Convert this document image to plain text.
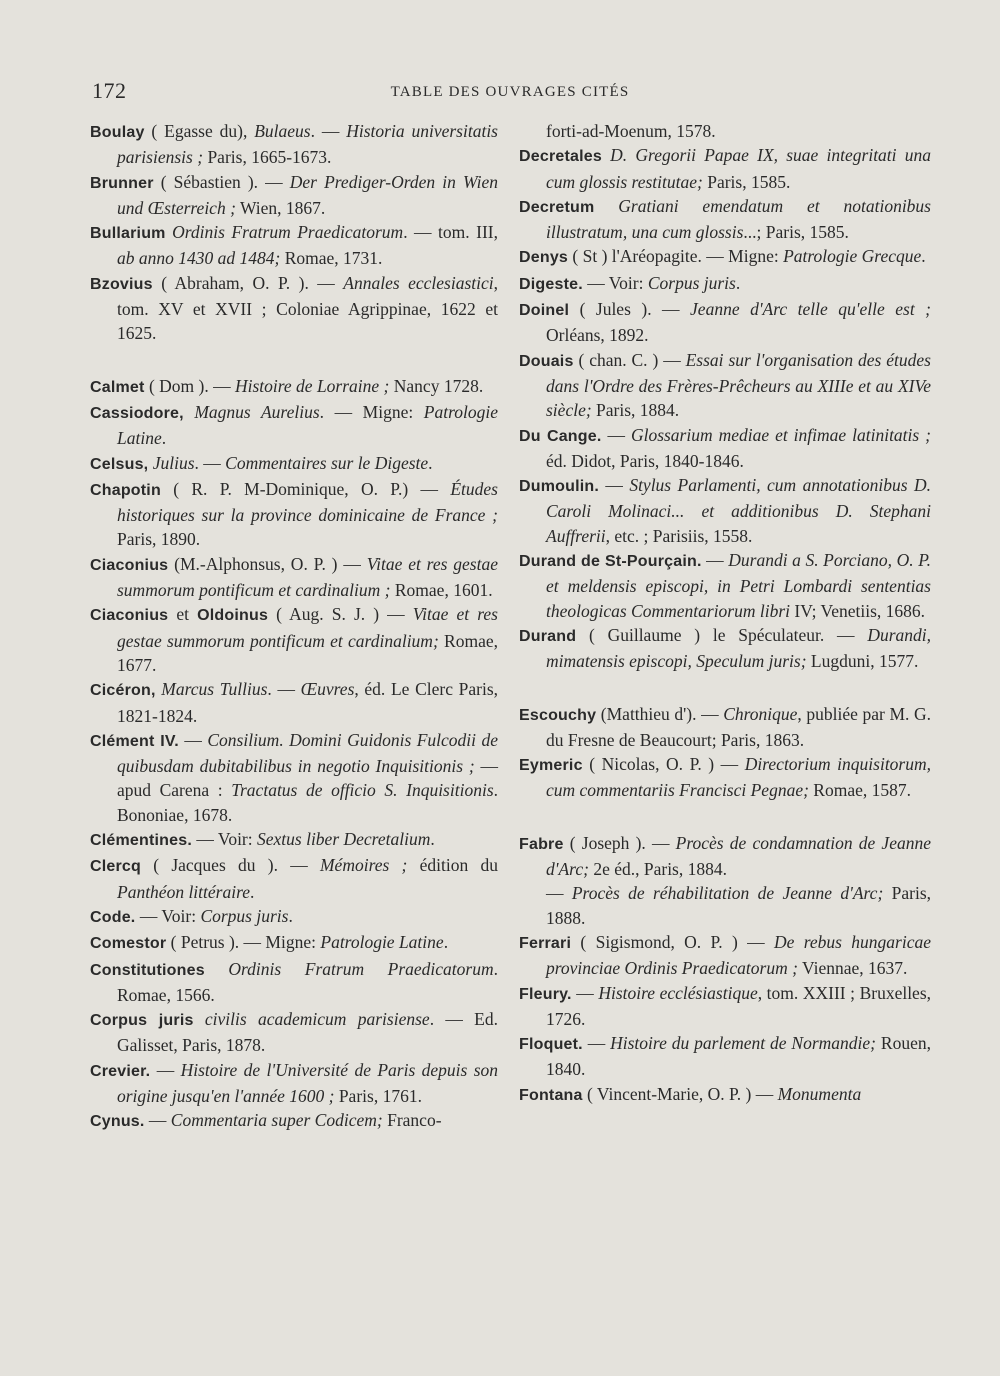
172	TABLE DES OUVRAGES CITÉS

Boulay ( Egasse du), Bulaeus. — Historia universitatis parisiensis ; Paris, 1665-1673.

Brunner ( Sébastien ). — Der Prediger-Orden in Wien und Œsterreich ; Wien, 1867.

Bullarium Ordinis Fratrum Praedicatorum. — tom. III, ab anno 1430 ad 1484; Romae, 1731.

Bzovius ( Abraham, O. P. ). — Annales ecclesiastici, tom. XV et XVII ; Coloniae Agrippinae, 1622 et 1625.

Calmet ( Dom ). — Histoire de Lorraine ; Nancy 1728.

Cassiodore, Magnus Aurelius. — Migne: Patrologie Latine.

Celsus, Julius. — Commentaires sur le Digeste.

Chapotin ( R. P. M-Dominique, O. P.) — Études historiques sur la province dominicaine de France ; Paris, 1890.

Ciaconius (M.-Alphonsus, O. P. ) — Vitae et res gestae summorum pontificum et cardinalium ; Romae, 1601.

Ciaconius et Oldoinus ( Aug. S. J. ) — Vitae et res gestae summorum pontificum et cardinalium; Romae, 1677.

Cicéron, Marcus Tullius. — Œuvres, éd. Le Clerc Paris, 1821-1824.

Clément IV. — Consilium. Domini Guidonis Fulcodii de quibusdam dubitabilibus in negotio Inquisitionis ; — apud Carena : Tractatus de officio S. Inquisitionis. Bononiae, 1678.

Clémentines. — Voir: Sextus liber Decretalium.

Clercq ( Jacques du ). — Mémoires ; édition du Panthéon littéraire.

Code. — Voir: Corpus juris.

Comestor ( Petrus ). — Migne: Patrologie Latine.

Constitutiones Ordinis Fratrum Praedicatorum. Romae, 1566.

Corpus juris civilis academicum parisiense. — Ed. Galisset, Paris, 1878.

Crevier. — Histoire de l'Université de Paris depuis son origine jusqu'en l'année 1600 ; Paris, 1761.

Cynus. — Commentaria super Codicem; Franco-

forti-ad-Moenum, 1578.

Decretales D. Gregorii Papae IX, suae integritati una cum glossis restitutae; Paris, 1585.

Decretum Gratiani emendatum et notationibus illustratum, una cum glossis...; Paris, 1585.

Denys ( St ) l'Aréopagite. — Migne: Patrologie Grecque.

Digeste. — Voir: Corpus juris.

Doinel ( Jules ). — Jeanne d'Arc telle qu'elle est ; Orléans, 1892.

Douais ( chan. C. ) — Essai sur l'organisation des études dans l'Ordre des Frères-Prêcheurs au XIIIe et au XIVe siècle; Paris, 1884.

Du Cange. — Glossarium mediae et infimae latinitatis ; éd. Didot, Paris, 1840-1846.

Dumoulin. — Stylus Parlamenti, cum annotationibus D. Caroli Molinaci... et additionibus D. Stephani Auffrerii, etc. ; Parisiis, 1558.

Durand de St-Pourçain. — Durandi a S. Porciano, O. P. et meldensis episcopi, in Petri Lombardi sententias theologicas Commentariorum libri IV; Venetiis, 1686.

Durand ( Guillaume ) le Spéculateur. — Durandi, mimatensis episcopi, Speculum juris; Lugduni, 1577.

Escouchy (Matthieu d'). — Chronique, publiée par M. G. du Fresne de Beaucourt; Paris, 1863.

Eymeric ( Nicolas, O. P. ) — Directorium inquisitorum, cum commentariis Francisci Pegnae; Romae, 1587.

Fabre ( Joseph ). — Procès de condamnation de Jeanne d'Arc; 2e éd., Paris, 1884.

— Procès de réhabilitation de Jeanne d'Arc; Paris, 1888.

Ferrari ( Sigismond, O. P. ) — De rebus hungaricae provinciae Ordinis Praedicatorum ; Viennae, 1637.

Fleury. — Histoire ecclésiastique, tom. XXIII ; Bruxelles, 1726.

Floquet. — Histoire du parlement de Normandie; Rouen, 1840.

Fontana ( Vincent-Marie, O. P. ) — Monumenta
